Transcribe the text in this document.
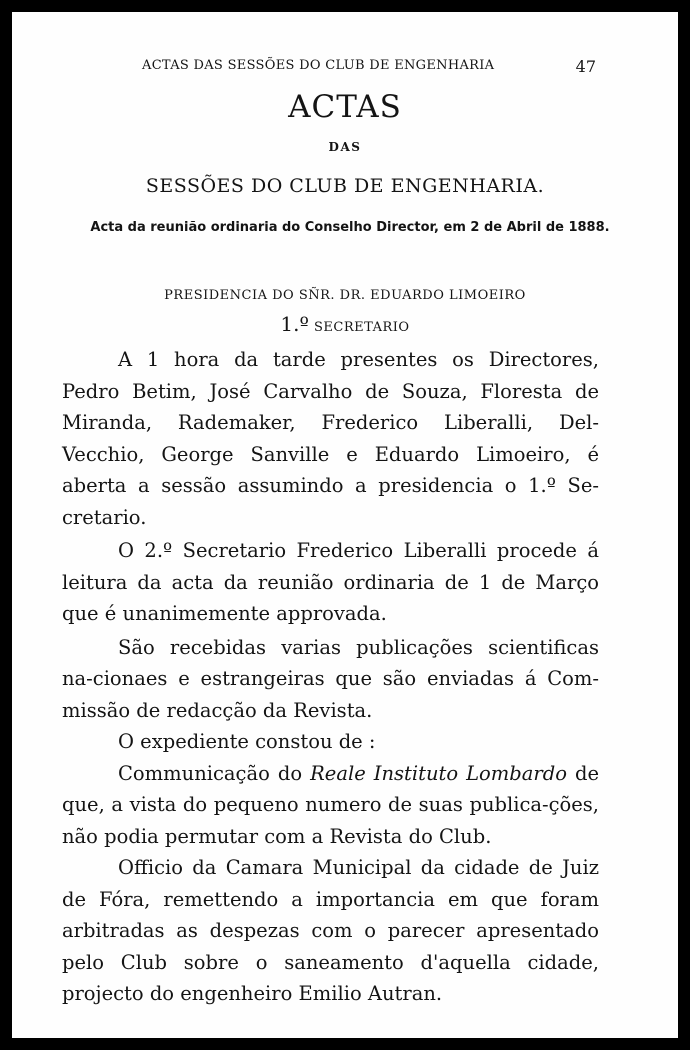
ACTAS DAS SESSÕES DO CLUB DE ENGENHARIA	47
ACTAS
DAS
SESSÕES DO CLUB DE ENGENHARIA.
Acta da reunião ordinaria do Conselho Director, em 2 de Abril de 1888.
PRESIDENCIA DO SÑR. DR. EDUARDO LIMOEIRO
1.º SECRETARIO

A 1 hora da tarde presentes os Directores, Pedro Betim, José Carvalho de Souza, Floresta de Miranda, Rademaker, Frederico Liberalli, Del-Vecchio, George Sanville e Eduardo Limoeiro, é aberta a sessão assumindo a presidencia o 1.º Se-cretario.

O 2.º Secretario Frederico Liberalli procede á leitura da acta da reunião ordinaria de 1 de Março que é unanimemente approvada.

São recebidas varias publicações scientificas na-cionaes e estrangeiras que são enviadas á Com-missão de redacção da Revista.

O expediente constou de :

Communicação do Reale Instituto Lombardo de que, a vista do pequeno numero de suas publica-ções, não podia permutar com a Revista do Club.

Officio da Camara Municipal da cidade de Juiz de Fóra, remettendo a importancia em que foram arbitradas as despezas com o parecer apresentado pelo Club sobre o saneamento d'aquella cidade, projecto do engenheiro Emilio Autran.
